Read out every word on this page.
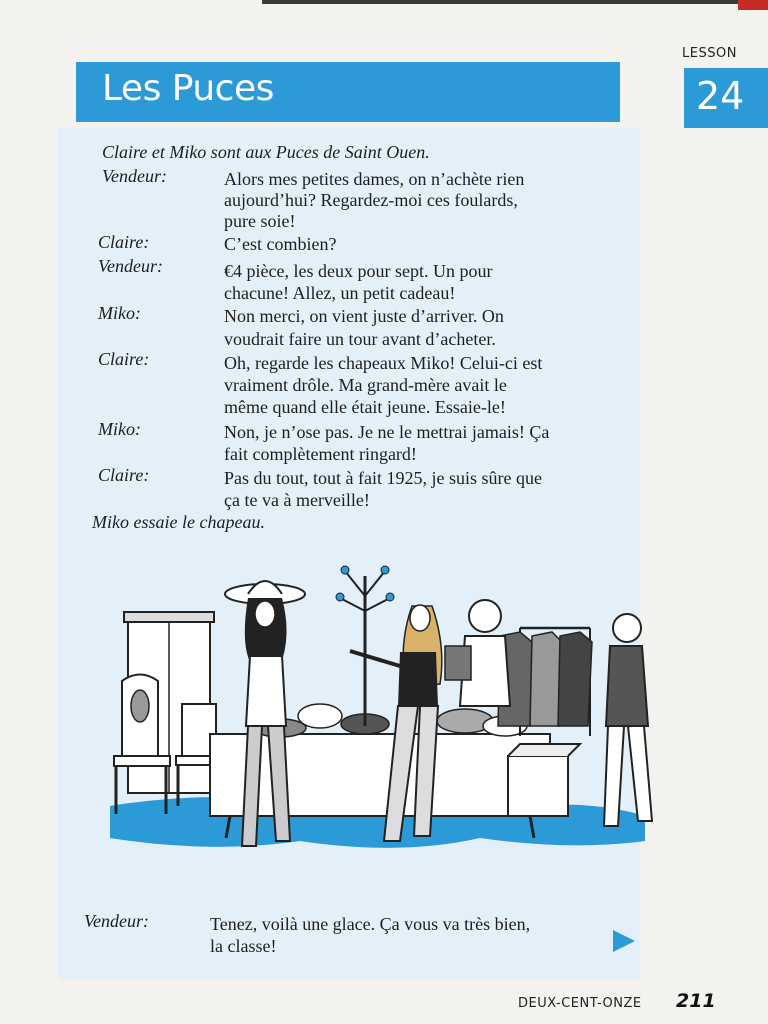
Les Puces
LESSON
24
Claire et Miko sont aux Puces de Saint Ouen.
Vendeur:	Alors mes petites dames, on n’achète rien
aujourd’hui? Regardez-moi ces foulards,
pure soie!
Claire:	C’est combien?
Vendeur:	€4 pièce, les deux pour sept. Un pour
chacune! Allez, un petit cadeau!
Miko:	Non merci, on vient juste d’arriver. On
voudrait faire un tour avant d’acheter.
Claire:	Oh, regarde les chapeaux Miko! Celui-ci est
vraiment drôle. Ma grand-mère avait le
même quand elle était jeune. Essaie-le!
Miko:	Non, je n’ose pas. Je ne le mettrai jamais! Ça
fait complètement ringard!
Claire:	Pas du tout, tout à fait 1925, je suis sûre que
ça te va à merveille!
Miko essaie le chapeau.
Vendeur:	Tenez, voilà une glace. Ça vous va très bien,
la classe!
DEUX-CENT-ONZE 211
